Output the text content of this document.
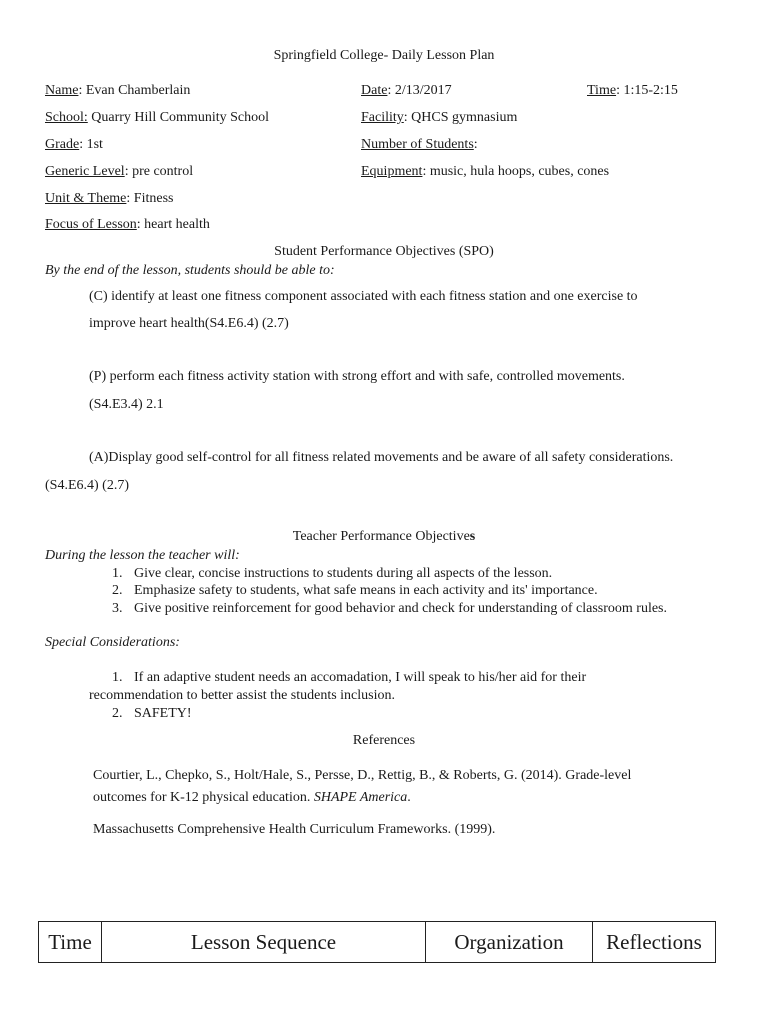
Springfield College- Daily Lesson Plan
Name: Evan Chamberlain	Date: 2/13/2017	Time: 1:15-2:15
School: Quarry Hill Community School	Facility: QHCS gymnasium
Grade: 1st	Number of Students:
Generic Level: pre control	Equipment: music, hula hoops, cubes, cones
Unit & Theme: Fitness
Focus of Lesson: heart health
Student Performance Objectives (SPO)
By the end of the lesson, students should be able to:
(C) identify at least one fitness component associated with each fitness station and one exercise to
improve heart health(S4.E6.4) (2.7)
(P) perform each fitness activity station with strong effort and with safe, controlled movements.
(S4.E3.4) 2.1
(A)Display good self-control for all fitness related movements and be aware of all safety considerations.
(S4.E6.4) (2.7)
Teacher Performance Objectives
During the lesson the teacher will:
1. Give clear, concise instructions to students during all aspects of the lesson.
2. Emphasize safety to students, what safe means in each activity and its' importance.
3. Give positive reinforcement for good behavior and check for understanding of classroom rules.
Special Considerations:
1. If an adaptive student needs an accomadation, I will speak to his/her aid for their
recommendation to better assist the students inclusion.
2. SAFETY!
References
Courtier, L., Chepko, S., Holt/Hale, S., Persse, D., Rettig, B., & Roberts, G. (2014). Grade-level
outcomes for K-12 physical education. SHAPE America.
Massachusetts Comprehensive Health Curriculum Frameworks. (1999).
Time	Lesson Sequence	Organization	Reflections
